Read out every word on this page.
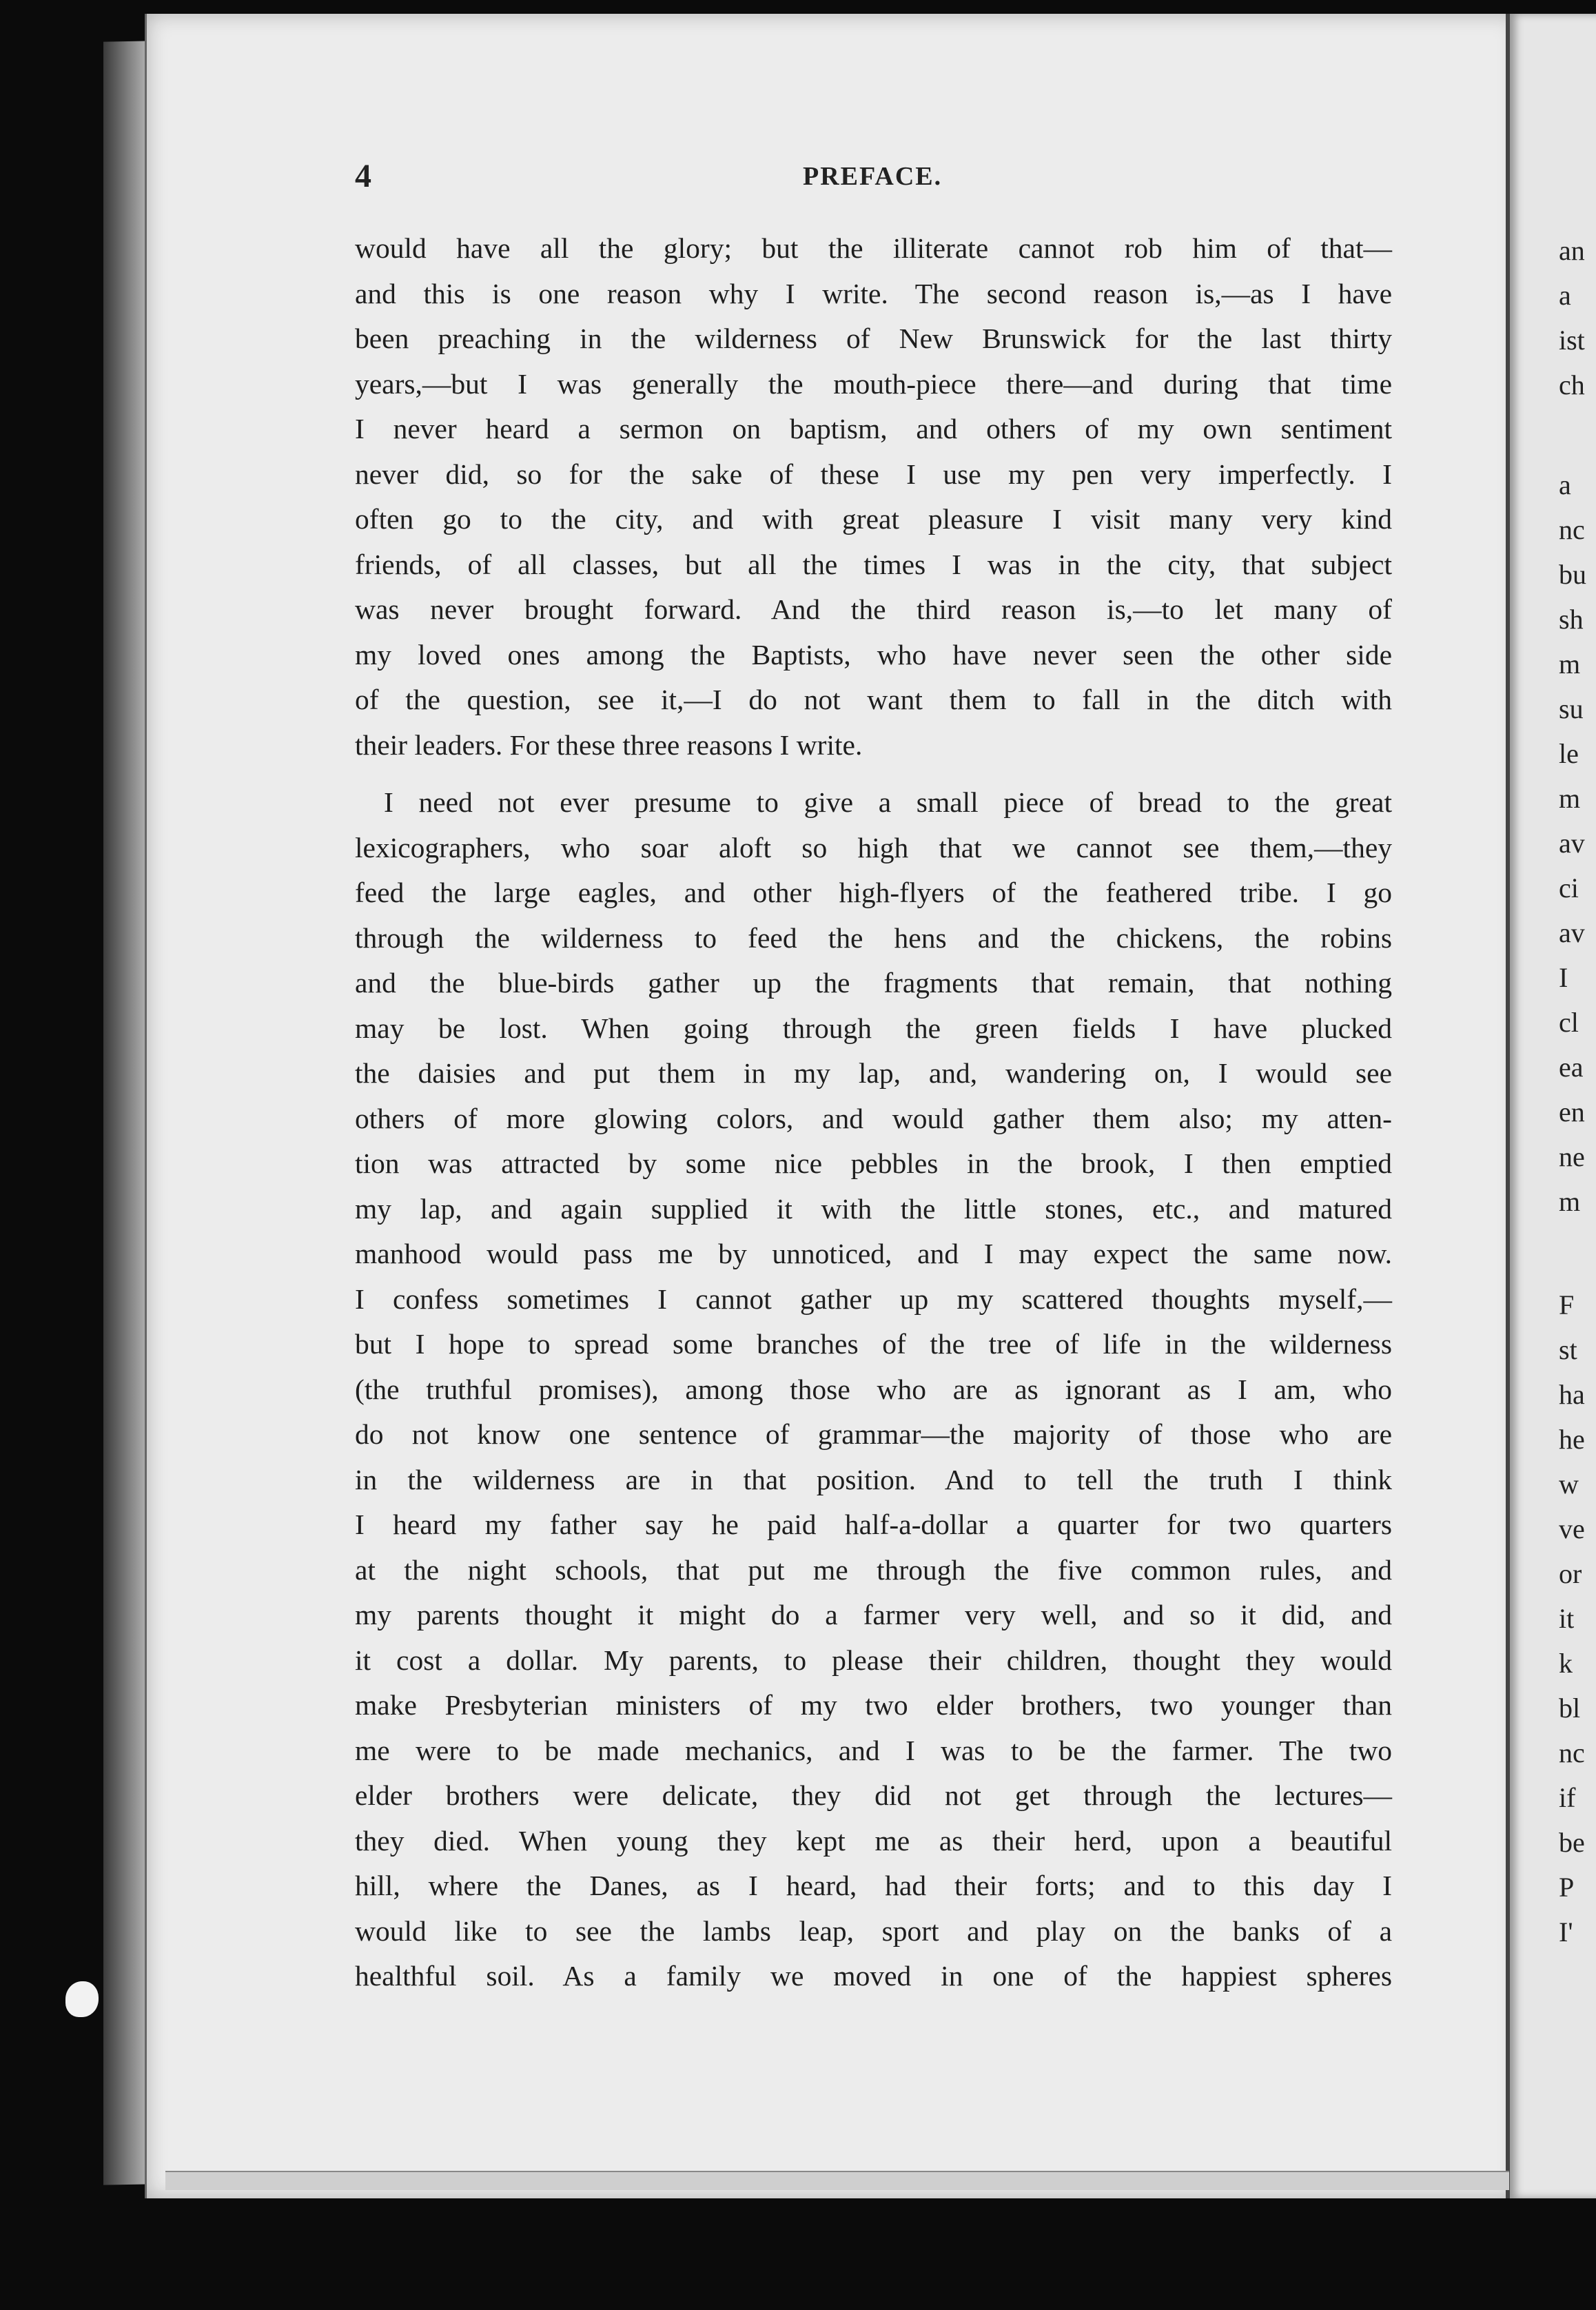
4	PREFACE.
would have all the glory; but the illiterate cannot rob him of that—
and this is one reason why I write. The second reason is,—as I have
been preaching in the wilderness of New Brunswick for the last thirty
years,—but I was generally the mouth-piece there—and during that time
I never heard a sermon on baptism, and others of my own sentiment
never did, so for the sake of these I use my pen very imperfectly. I
often go to the city, and with great pleasure I visit many very kind
friends, of all classes, but all the times I was in the city, that subject
was never brought forward. And the third reason is,—to let many of
my loved ones among the Baptists, who have never seen the other side
of the question, see it,—I do not want them to fall in the ditch with
their leaders. For these three reasons I write.
I need not ever presume to give a small piece of bread to the great
lexicographers, who soar aloft so high that we cannot see them,—they
feed the large eagles, and other high-flyers of the feathered tribe. I go
through the wilderness to feed the hens and the chickens, the robins
and the blue-birds gather up the fragments that remain, that nothing
may be lost. When going through the green fields I have plucked
the daisies and put them in my lap, and, wandering on, I would see
others of more glowing colors, and would gather them also; my atten-
tion was attracted by some nice pebbles in the brook, I then emptied
my lap, and again supplied it with the little stones, etc., and matured
manhood would pass me by unnoticed, and I may expect the same now.
I confess sometimes I cannot gather up my scattered thoughts myself,—
but I hope to spread some branches of the tree of life in the wilderness
(the truthful promises), among those who are as ignorant as I am, who
do not know one sentence of grammar—the majority of those who are
in the wilderness are in that position. And to tell the truth I think
I heard my father say he paid half-a-dollar a quarter for two quarters
at the night schools, that put me through the five common rules, and
my parents thought it might do a farmer very well, and so it did, and
it cost a dollar. My parents, to please their children, thought they would
make Presbyterian ministers of my two elder brothers, two younger than
me were to be made mechanics, and I was to be the farmer. The two
elder brothers were delicate, they did not get through the lectures—
they died. When young they kept me as their herd, upon a beautiful
hill, where the Danes, as I heard, had their forts; and to this day I
would like to see the lambs leap, sport and play on the banks of a
healthful soil. As a family we moved in one of the happiest spheres
an
a
ist
ch
a
nc
bu
sh
m
su
le
m
av
ci
av
I
cl
ea
en
ne
m
F
st
ha
he
w
ve
or
it
k
bl
nc
if
be
P
I'
